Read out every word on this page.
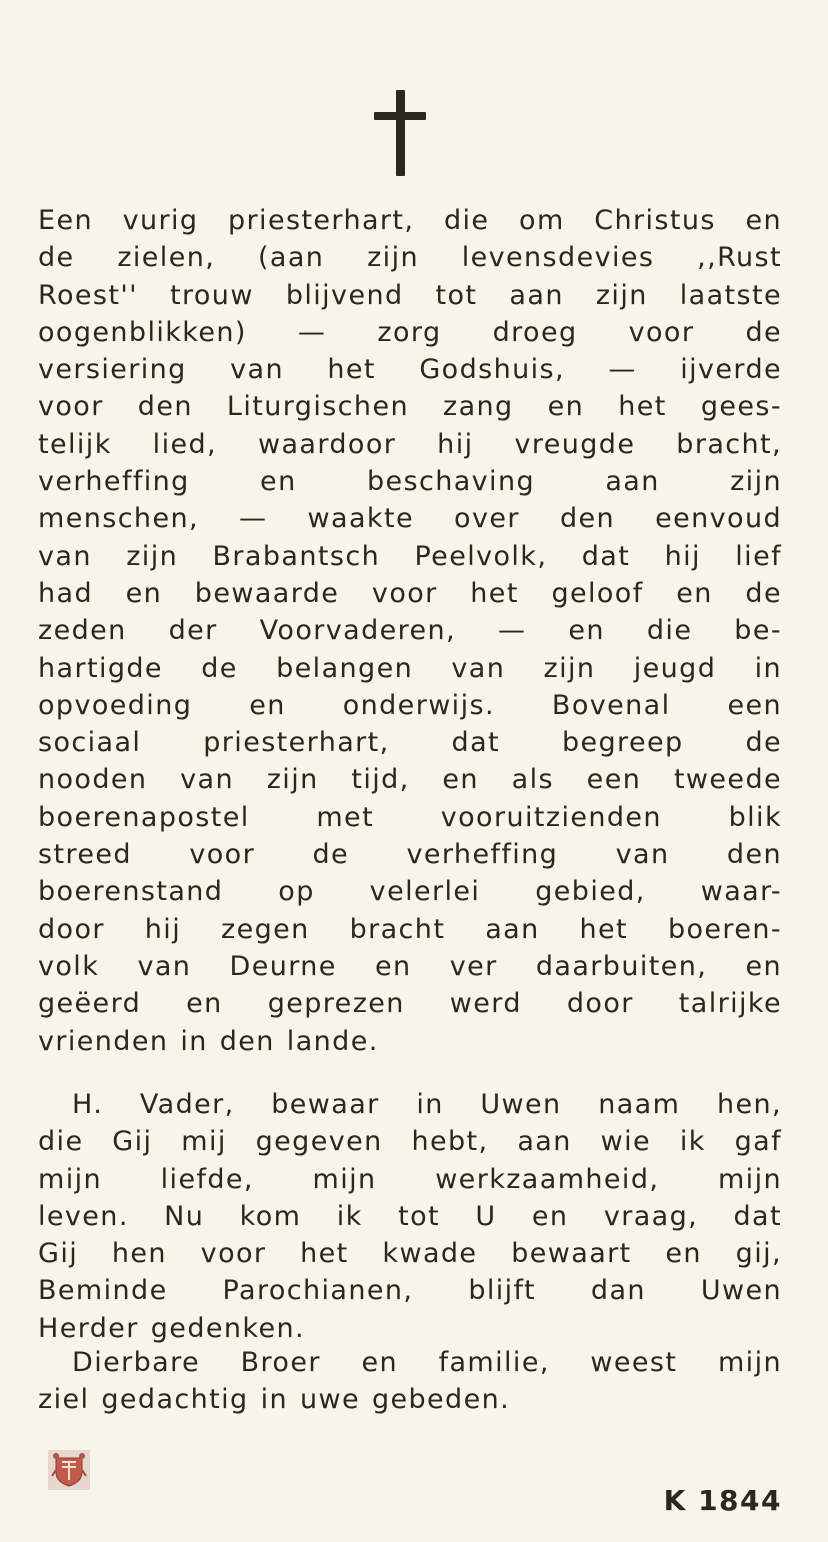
Een vurig priesterhart, die om Christus en
de zielen, (aan zijn levensdevies ,,Rust
Roest'' trouw blijvend tot aan zijn laatste
oogenblikken) — zorg droeg voor de
versiering van het Godshuis, — ijverde
voor den Liturgischen zang en het gees-
telijk lied, waardoor hij vreugde bracht,
verheffing en beschaving aan zijn
menschen, — waakte over den eenvoud
van zijn Brabantsch Peelvolk, dat hij lief
had en bewaarde voor het geloof en de
zeden der Voorvaderen, — en die be-
hartigde de belangen van zijn jeugd in
opvoeding en onderwijs. Bovenal een
sociaal priesterhart, dat begreep de
nooden van zijn tijd, en als een tweede
boerenapostel met vooruitzienden blik
streed voor de verheffing van den
boerenstand op velerlei gebied, waar-
door hij zegen bracht aan het boeren-
volk van Deurne en ver daarbuiten, en
geëerd en geprezen werd door talrijke
vrienden in den lande.

H. Vader, bewaar in Uwen naam hen,
die Gij mij gegeven hebt, aan wie ik gaf
mijn liefde, mijn werkzaamheid, mijn
leven. Nu kom ik tot U en vraag, dat
Gij hen voor het kwade bewaart en gij,
Beminde Parochianen, blijft dan Uwen
Herder gedenken.

Dierbare Broer en familie, weest mijn
ziel gedachtig in uwe gebeden.

K 1844
